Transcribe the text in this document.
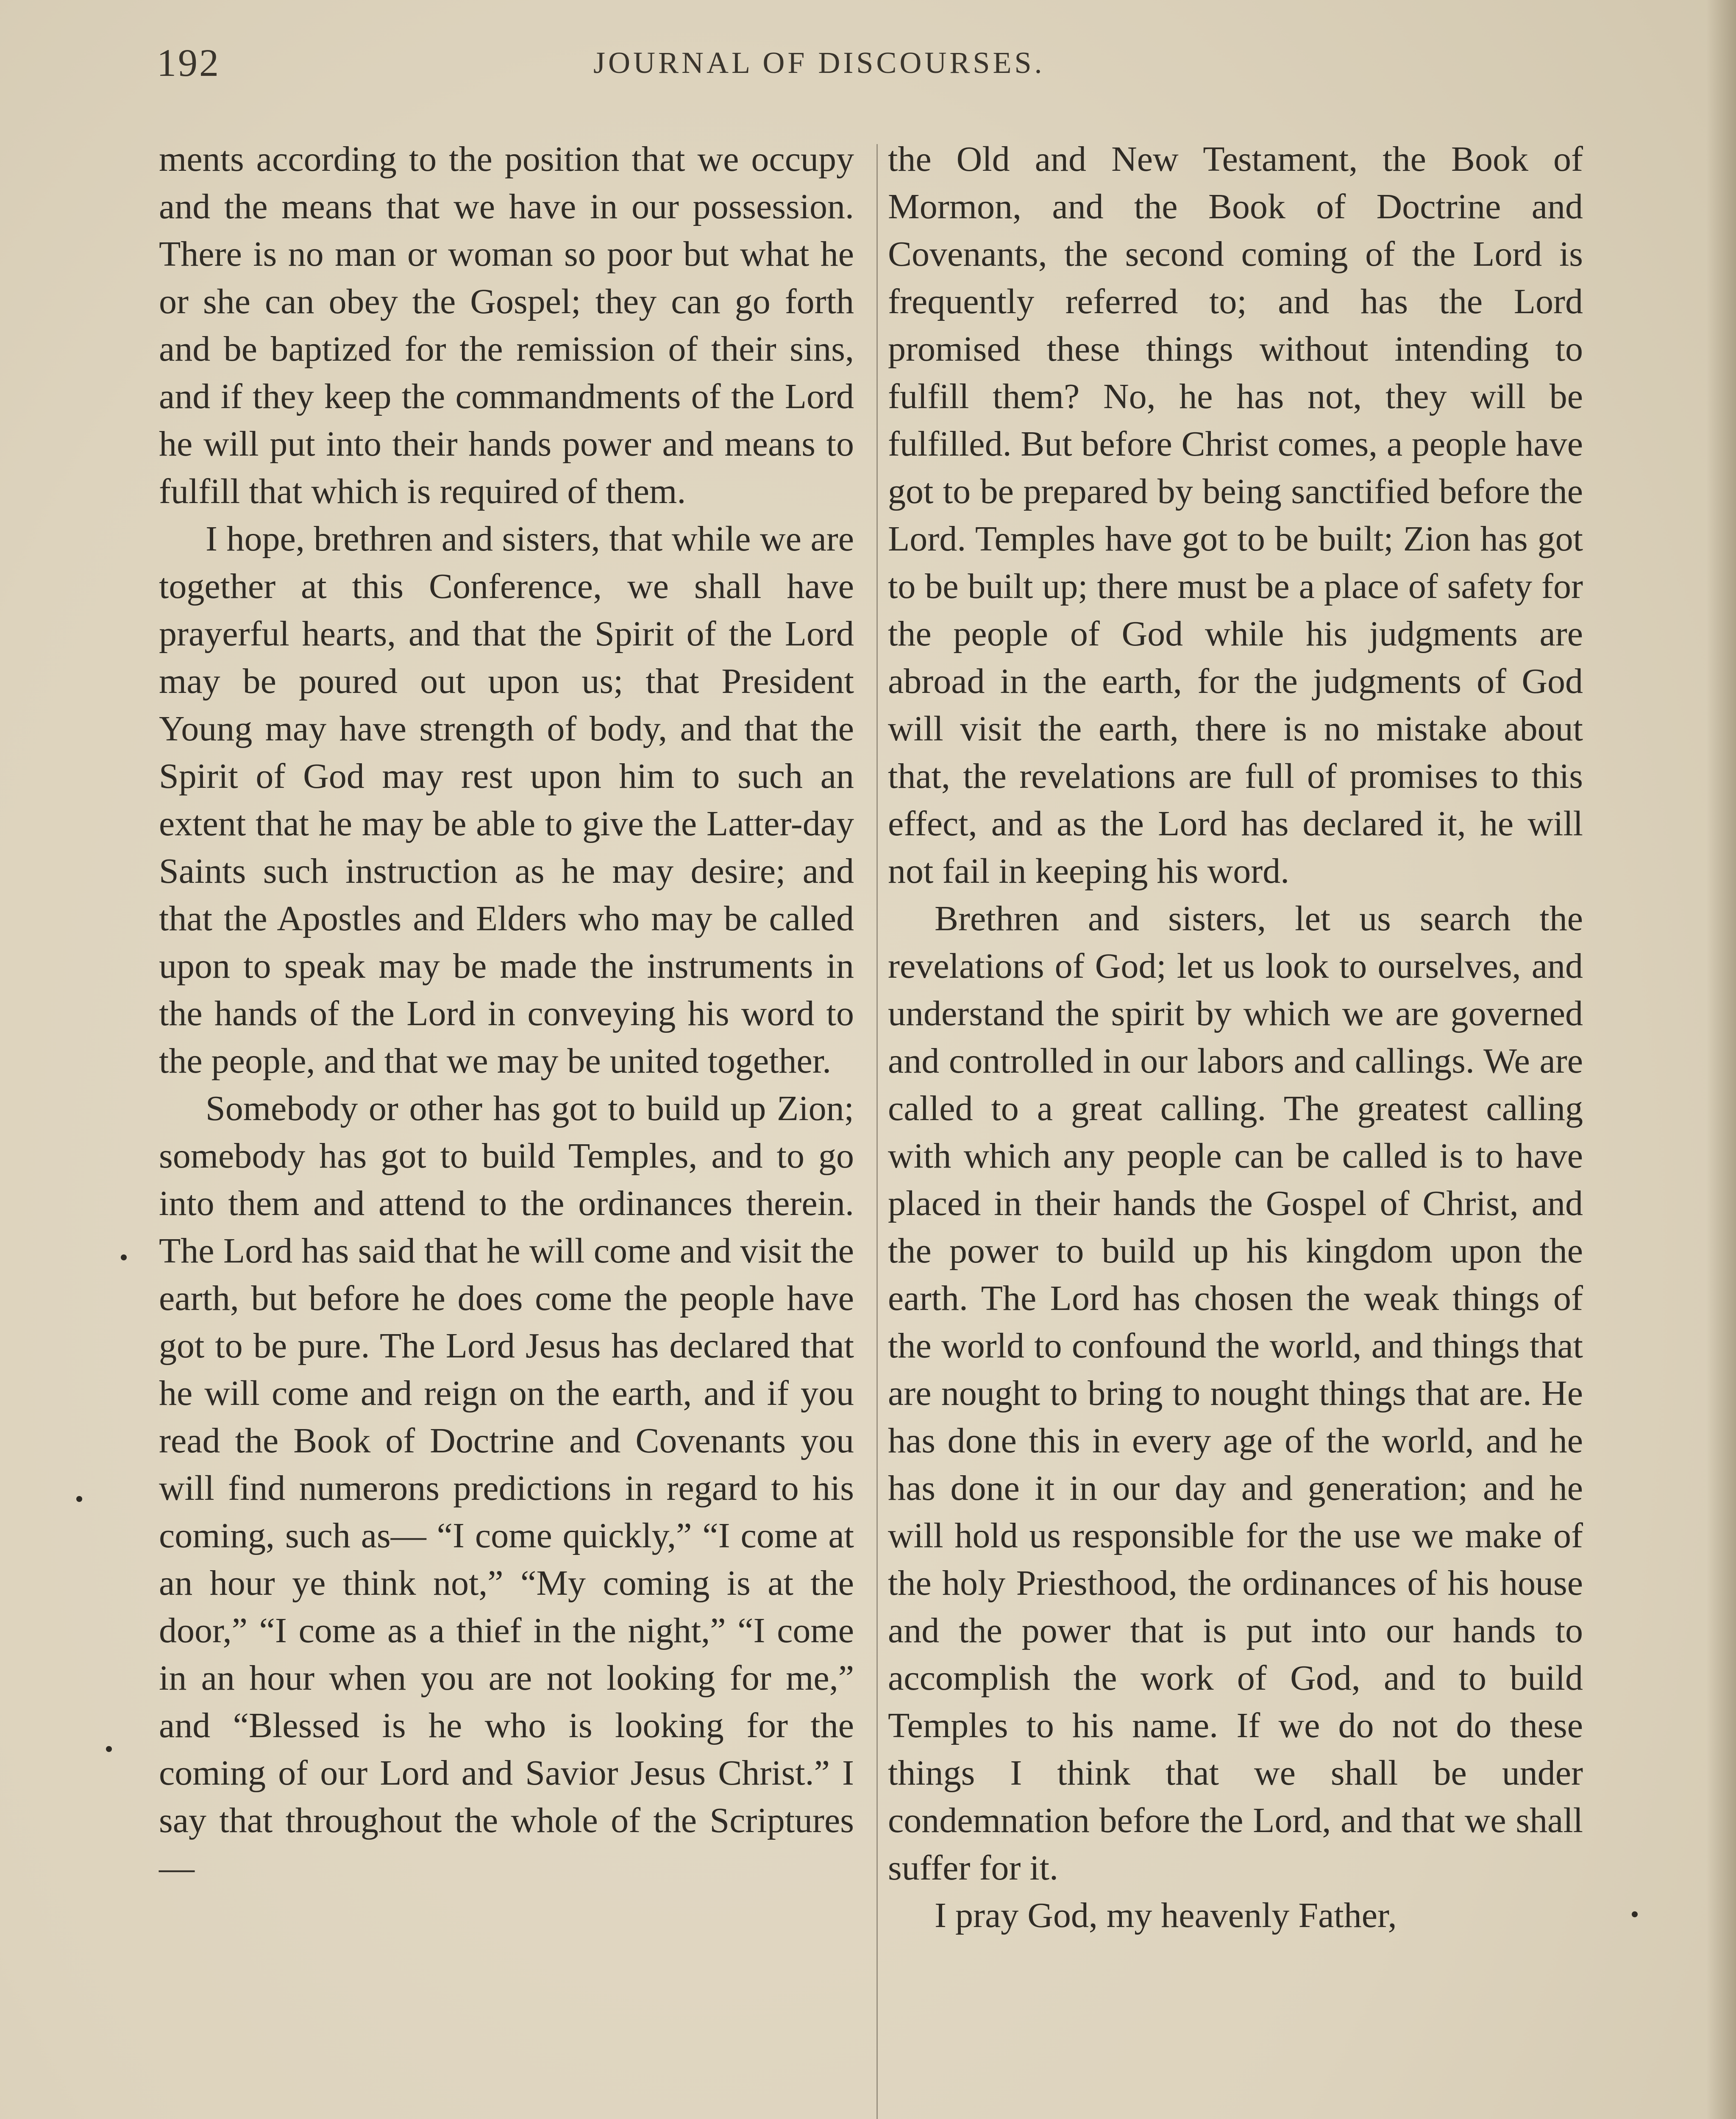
192	JOURNAL OF DISCOURSES.

ments according to the position that we occupy and the means that we have in our possession. There is no man or woman so poor but what he or she can obey the Gospel; they can go forth and be baptized for the remission of their sins, and if they keep the commandments of the Lord he will put into their hands power and means to fulfill that which is required of them.

I hope, brethren and sisters, that while we are together at this Conference, we shall have prayerful hearts, and that the Spirit of the Lord may be poured out upon us; that President Young may have strength of body, and that the Spirit of God may rest upon him to such an extent that he may be able to give the Latter-day Saints such instruction as he may desire; and that the Apostles and Elders who may be called upon to speak may be made the instruments in the hands of the Lord in conveying his word to the people, and that we may be united together.

Somebody or other has got to build up Zion; somebody has got to build Temples, and to go into them and attend to the ordinances therein. The Lord has said that he will come and visit the earth, but before he does come the people have got to be pure. The Lord Jesus has declared that he will come and reign on the earth, and if you read the Book of Doctrine and Covenants you will find numerons predictions in regard to his coming, such as— “I come quickly,” “I come at an hour ye think not,” “My coming is at the door,” “I come as a thief in the night,” “I come in an hour when you are not looking for me,” and “Blessed is he who is looking for the coming of our Lord and Savior Jesus Christ.” I say that throughout the whole of the Scriptures—

the Old and New Testament, the Book of Mormon, and the Book of Doctrine and Covenants, the second coming of the Lord is frequently referred to; and has the Lord promised these things without intending to fulfill them? No, he has not, they will be fulfilled. But before Christ comes, a people have got to be prepared by being sanctified before the Lord. Temples have got to be built; Zion has got to be built up; there must be a place of safety for the people of God while his judgments are abroad in the earth, for the judgments of God will visit the earth, there is no mistake about that, the revelations are full of promises to this effect, and as the Lord has declared it, he will not fail in keeping his word.

Brethren and sisters, let us search the revelations of God; let us look to ourselves, and understand the spirit by which we are governed and controlled in our labors and callings. We are called to a great calling. The greatest calling with which any people can be called is to have placed in their hands the Gospel of Christ, and the power to build up his kingdom upon the earth. The Lord has chosen the weak things of the world to confound the world, and things that are nought to bring to nought things that are. He has done this in every age of the world, and he has done it in our day and generation; and he will hold us responsible for the use we make of the holy Priesthood, the ordinances of his house and the power that is put into our hands to accomplish the work of God, and to build Temples to his name. If we do not do these things I think that we shall be under condemnation before the Lord, and that we shall suffer for it.

I pray God, my heavenly Father,
